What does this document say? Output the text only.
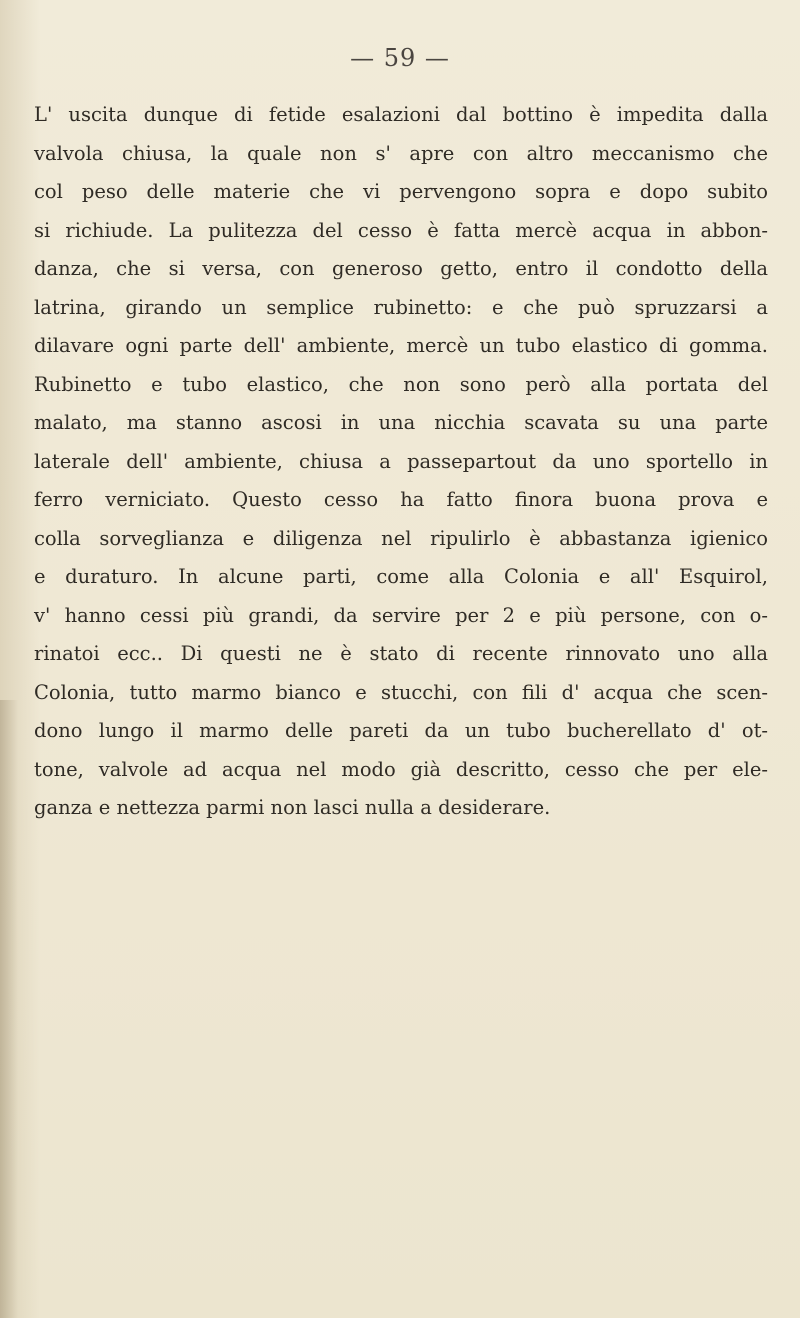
— 59 —
L' uscita dunque di fetide esalazioni dal bottino è impedita dalla
valvola chiusa, la quale non s' apre con altro meccanismo che
col peso delle materie che vi pervengono sopra e dopo subito
si richiude. La pulitezza del cesso è fatta mercè acqua in abbon-
danza, che si versa, con generoso getto, entro il condotto della
latrina, girando un semplice rubinetto: e che può spruzzarsi a
dilavare ogni parte dell' ambiente, mercè un tubo elastico di gomma.
Rubinetto e tubo elastico, che non sono però alla portata del
malato, ma stanno ascosi in una nicchia scavata su una parte
laterale dell' ambiente, chiusa a passepartout da uno sportello in
ferro verniciato. Questo cesso ha fatto finora buona prova e
colla sorveglianza e diligenza nel ripulirlo è abbastanza igienico
e duraturo. In alcune parti, come alla Colonia e all' Esquirol,
v' hanno cessi più grandi, da servire per 2 e più persone, con o-
rinatoi ecc.. Di questi ne è stato di recente rinnovato uno alla
Colonia, tutto marmo bianco e stucchi, con fili d' acqua che scen-
dono lungo il marmo delle pareti da un tubo bucherellato d' ot-
tone, valvole ad acqua nel modo già descritto, cesso che per ele-
ganza e nettezza parmi non lasci nulla a desiderare.
